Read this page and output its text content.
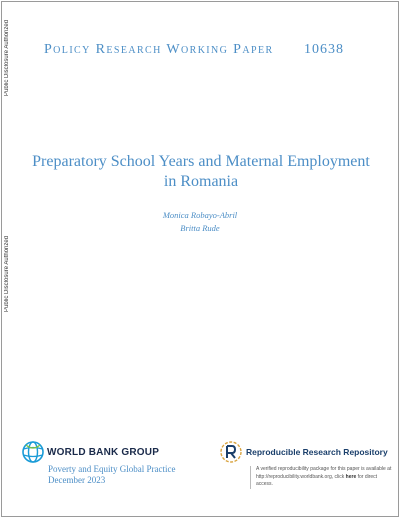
Public Disclosure Authorized
Public Disclosure Authorized
Policy Research Working Paper 10638
Preparatory School Years and Maternal Employment
in Romania
Monica Robayo-Abril
Britta Rude
WORLD BANK GROUP
Poverty and Equity Global Practice
December 2023
Reproducible Research Repository
A verified reproducibility package for this paper is available at http://reproducibility.worldbank.org, click here for direct access.
